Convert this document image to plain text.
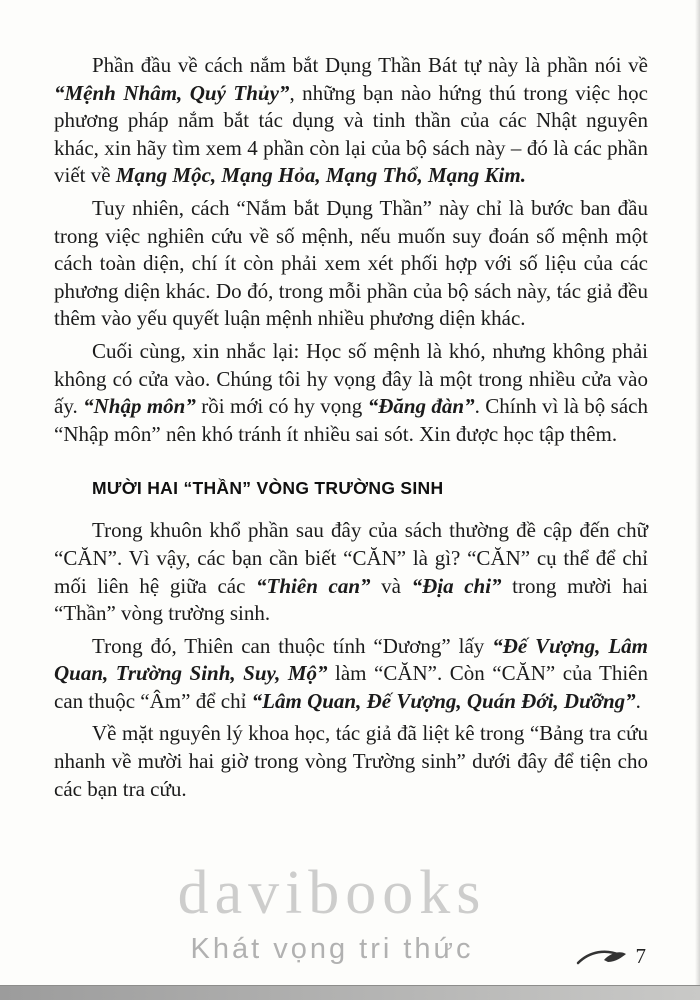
Phần đầu về cách nắm bắt Dụng Thần Bát tự này là phần nói về “Mệnh Nhâm, Quý Thủy”, những bạn nào hứng thú trong việc học phương pháp nắm bắt tác dụng và tinh thần của các Nhật nguyên khác, xin hãy tìm xem 4 phần còn lại của bộ sách này – đó là các phần viết về Mạng Mộc, Mạng Hỏa, Mạng Thổ, Mạng Kim.

Tuy nhiên, cách “Nắm bắt Dụng Thần” này chỉ là bước ban đầu trong việc nghiên cứu về số mệnh, nếu muốn suy đoán số mệnh một cách toàn diện, chí ít còn phải xem xét phối hợp với số liệu của các phương diện khác. Do đó, trong mỗi phần của bộ sách này, tác giả đều thêm vào yếu quyết luận mệnh nhiều phương diện khác.

Cuối cùng, xin nhắc lại: Học số mệnh là khó, nhưng không phải không có cửa vào. Chúng tôi hy vọng đây là một trong nhiều cửa vào ấy. “Nhập môn” rồi mới có hy vọng “Đăng đàn”. Chính vì là bộ sách “Nhập môn” nên khó tránh ít nhiều sai sót. Xin được học tập thêm.

MƯỜI HAI “THẦN” VÒNG TRƯỜNG SINH

Trong khuôn khổ phần sau đây của sách thường đề cập đến chữ “CĂN”. Vì vậy, các bạn cần biết “CĂN” là gì? “CĂN” cụ thể để chỉ mối liên hệ giữa các “Thiên can” và “Địa chi” trong mười hai “Thần” vòng trường sinh.

Trong đó, Thiên can thuộc tính “Dương” lấy “Đế Vượng, Lâm Quan, Trường Sinh, Suy, Mộ” làm “CĂN”. Còn “CĂN” của Thiên can thuộc “Âm” để chỉ “Lâm Quan, Đế Vượng, Quán Đới, Dưỡng”.

Về mặt nguyên lý khoa học, tác giả đã liệt kê trong “Bảng tra cứu nhanh về mười hai giờ trong vòng Trường sinh” dưới đây để tiện cho các bạn tra cứu.

davibooks
Khát vọng tri thức	7
